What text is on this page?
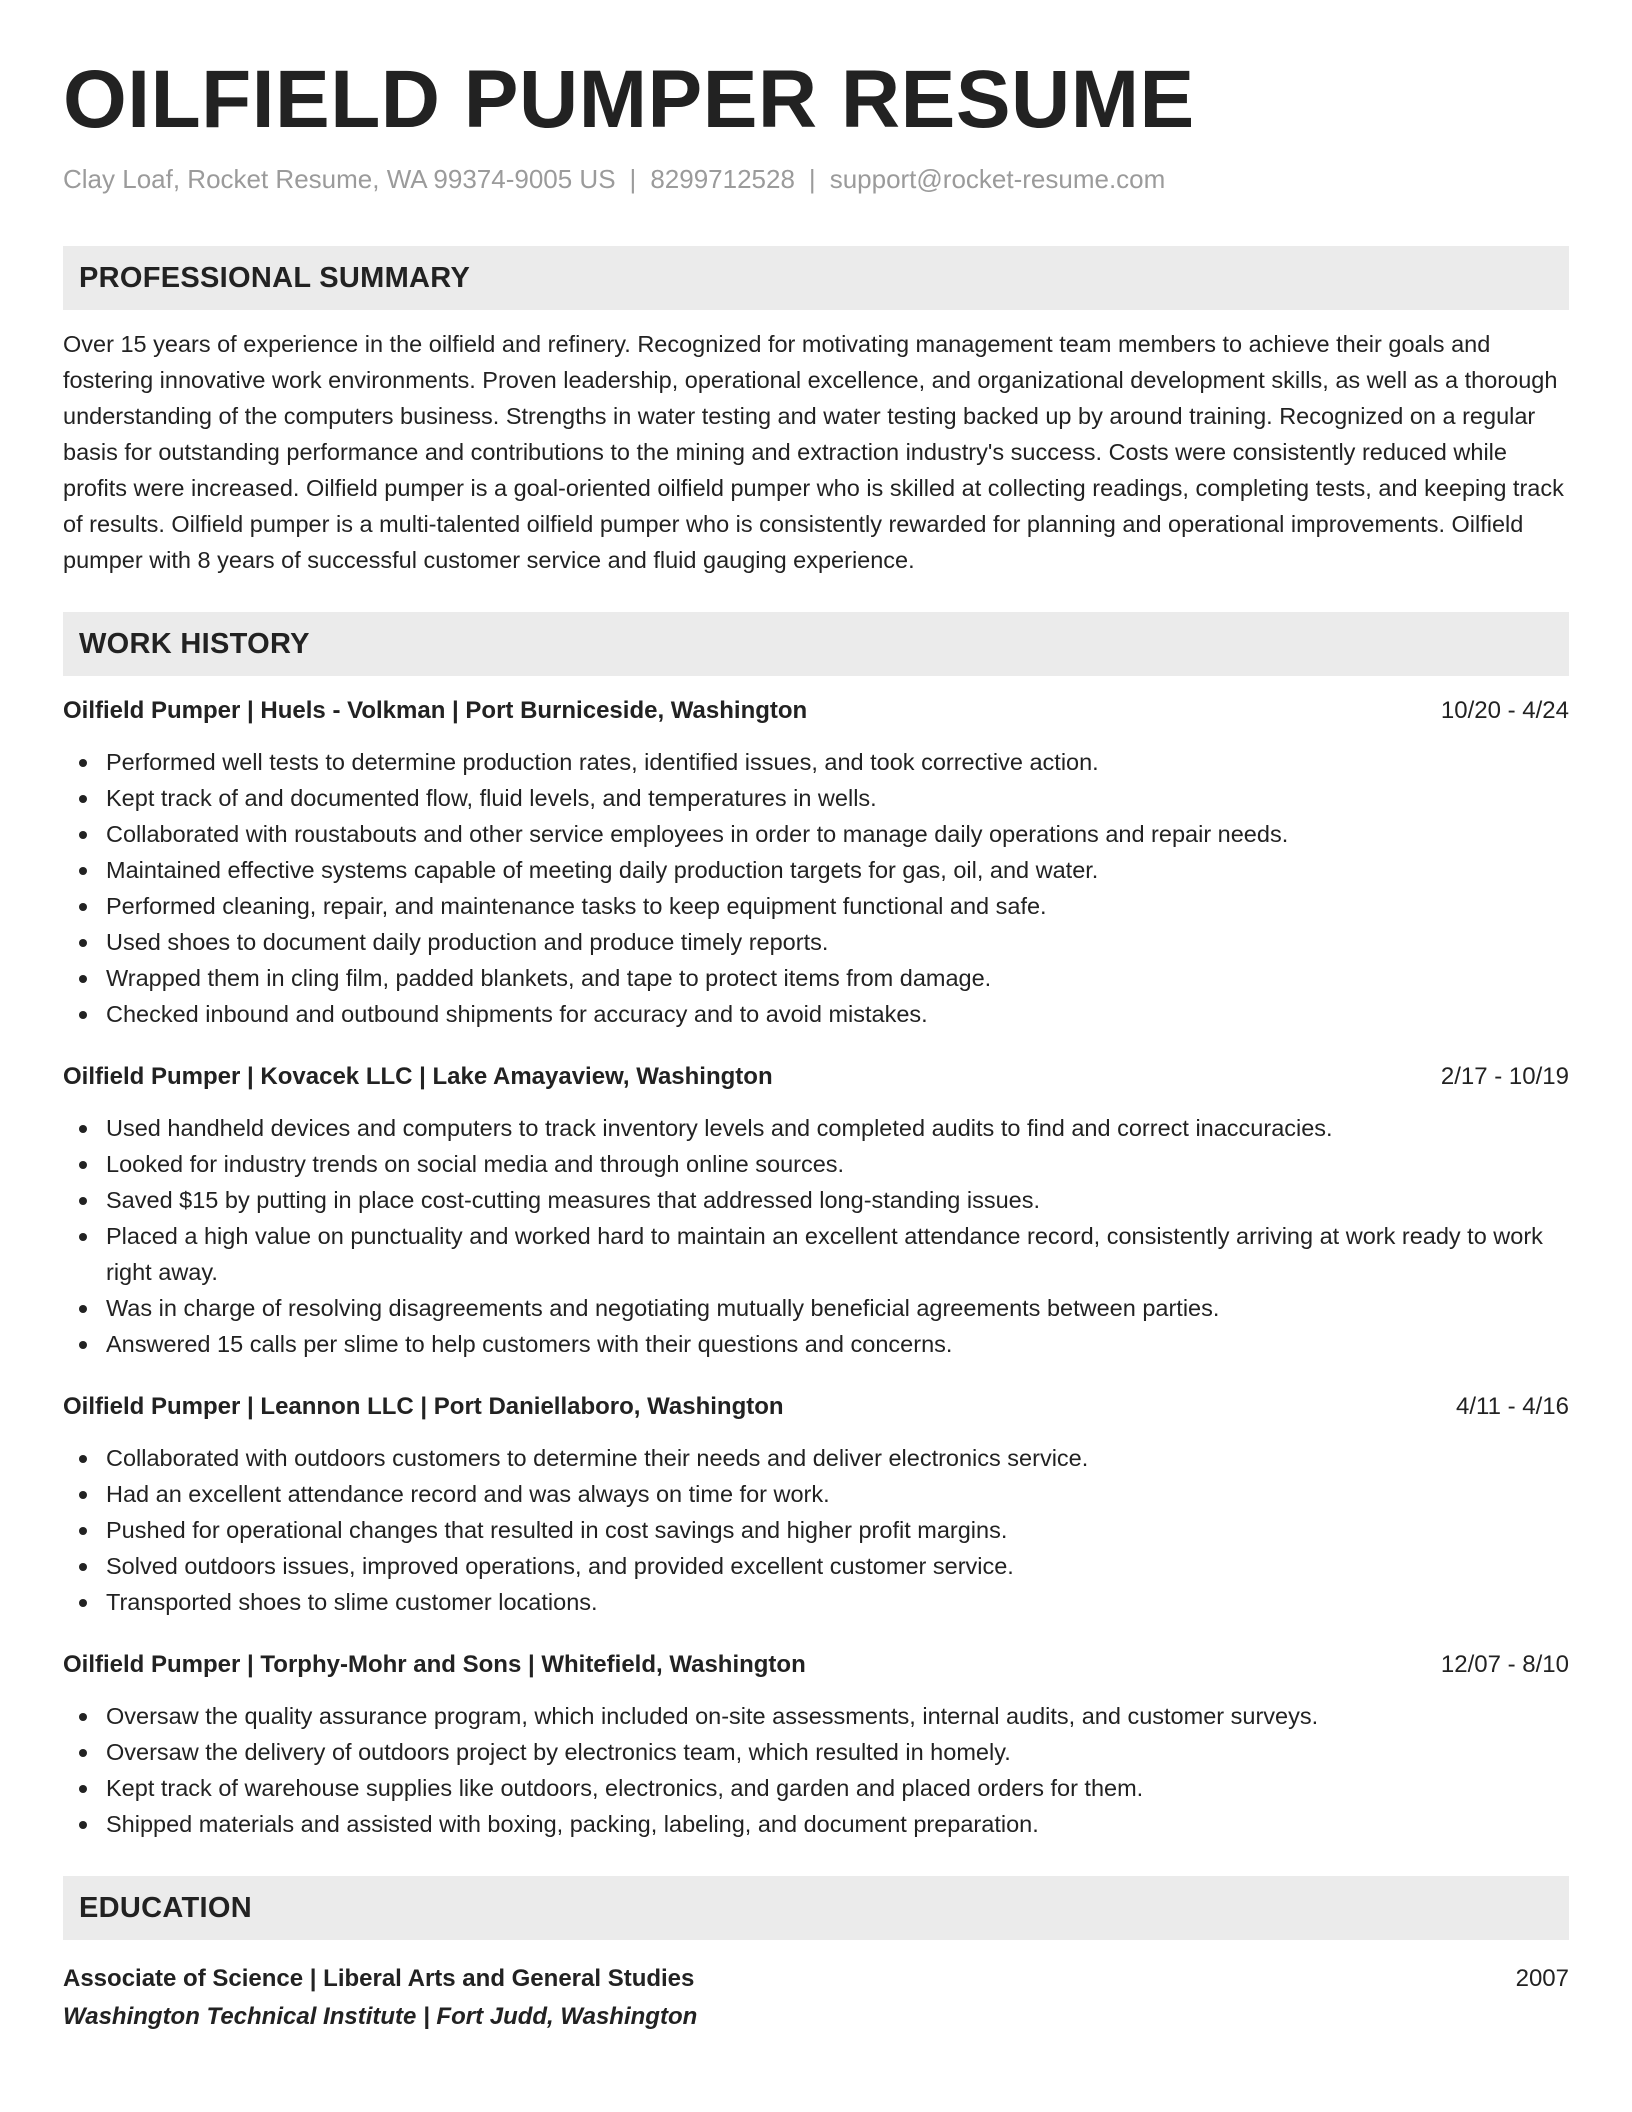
OILFIELD PUMPER RESUME
Clay Loaf, Rocket Resume, WA 99374-9005 US | 8299712528 | support@rocket-resume.com
PROFESSIONAL SUMMARY
Over 15 years of experience in the oilfield and refinery. Recognized for motivating management team members to achieve their goals and fostering innovative work environments. Proven leadership, operational excellence, and organizational development skills, as well as a thorough understanding of the computers business. Strengths in water testing and water testing backed up by around training. Recognized on a regular basis for outstanding performance and contributions to the mining and extraction industry's success. Costs were consistently reduced while profits were increased. Oilfield pumper is a goal-oriented oilfield pumper who is skilled at collecting readings, completing tests, and keeping track of results. Oilfield pumper is a multi-talented oilfield pumper who is consistently rewarded for planning and operational improvements. Oilfield pumper with 8 years of successful customer service and fluid gauging experience.
WORK HISTORY
Oilfield Pumper | Huels - Volkman | Port Burniceside, Washington	10/20 - 4/24
Performed well tests to determine production rates, identified issues, and took corrective action.
Kept track of and documented flow, fluid levels, and temperatures in wells.
Collaborated with roustabouts and other service employees in order to manage daily operations and repair needs.
Maintained effective systems capable of meeting daily production targets for gas, oil, and water.
Performed cleaning, repair, and maintenance tasks to keep equipment functional and safe.
Used shoes to document daily production and produce timely reports.
Wrapped them in cling film, padded blankets, and tape to protect items from damage.
Checked inbound and outbound shipments for accuracy and to avoid mistakes.
Oilfield Pumper | Kovacek LLC | Lake Amayaview, Washington	2/17 - 10/19
Used handheld devices and computers to track inventory levels and completed audits to find and correct inaccuracies.
Looked for industry trends on social media and through online sources.
Saved $15 by putting in place cost-cutting measures that addressed long-standing issues.
Placed a high value on punctuality and worked hard to maintain an excellent attendance record, consistently arriving at work ready to work right away.
Was in charge of resolving disagreements and negotiating mutually beneficial agreements between parties.
Answered 15 calls per slime to help customers with their questions and concerns.
Oilfield Pumper | Leannon LLC | Port Daniellaboro, Washington	4/11 - 4/16
Collaborated with outdoors customers to determine their needs and deliver electronics service.
Had an excellent attendance record and was always on time for work.
Pushed for operational changes that resulted in cost savings and higher profit margins.
Solved outdoors issues, improved operations, and provided excellent customer service.
Transported shoes to slime customer locations.
Oilfield Pumper | Torphy-Mohr and Sons | Whitefield, Washington	12/07 - 8/10
Oversaw the quality assurance program, which included on-site assessments, internal audits, and customer surveys.
Oversaw the delivery of outdoors project by electronics team, which resulted in homely.
Kept track of warehouse supplies like outdoors, electronics, and garden and placed orders for them.
Shipped materials and assisted with boxing, packing, labeling, and document preparation.
EDUCATION
Associate of Science | Liberal Arts and General Studies	2007
Washington Technical Institute | Fort Judd, Washington
